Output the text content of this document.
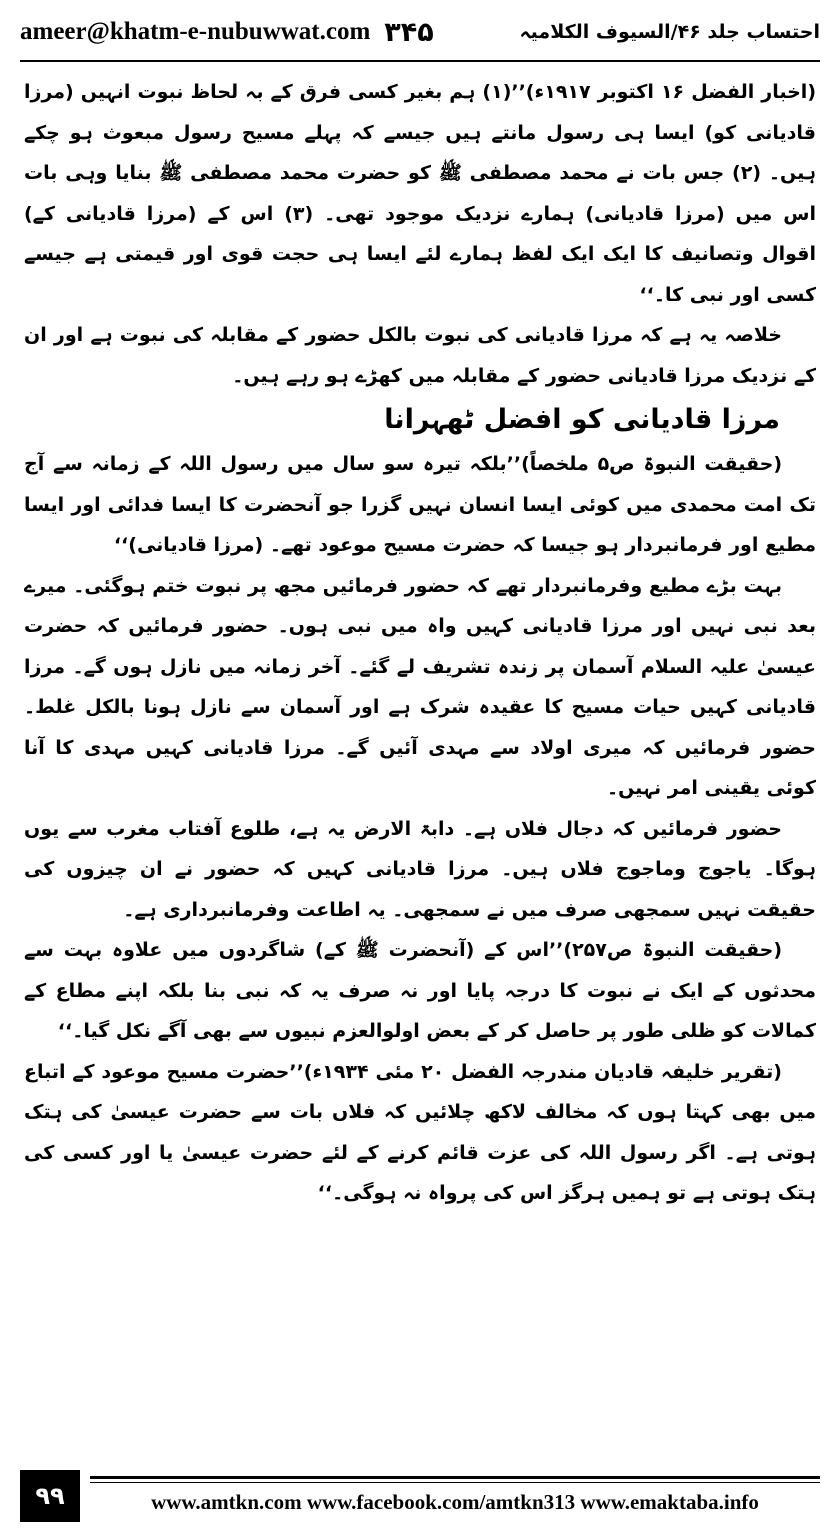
ameer@khatm-e-nubuwwat.com ۳۴۵	احتساب جلد ۴۶/السیوف الکلامیہ

(اخبار الفضل ۱۶ اکتوبر ۱۹۱۷ء)’’(۱) ہم بغیر کسی فرق کے بہ لحاظ نبوت انہیں (مرزا قادیانی کو) ایسا ہی رسول مانتے ہیں جیسے کہ پہلے مسیح رسول مبعوث ہو چکے ہیں۔ (۲) جس بات نے محمد مصطفی ﷺ کو حضرت محمد مصطفی ﷺ بنایا وہی بات اس میں (مرزا قادیانی) ہمارے نزدیک موجود تھی۔ (۳) اس کے (مرزا قادیانی کے) اقوال وتصانیف کا ایک ایک لفظ ہمارے لئے ایسا ہی حجت قوی اور قیمتی ہے جیسے کسی اور نبی کا۔‘‘

خلاصہ یہ ہے کہ مرزا قادیانی کی نبوت بالکل حضور کے مقابلہ کی نبوت ہے اور ان کے نزدیک مرزا قادیانی حضور کے مقابلہ میں کھڑے ہو رہے ہیں۔

مرزا قادیانی کو افضل ٹھہرانا

(حقیقت النبوۃ ص۵ ملخصاً)’’بلکہ تیرہ سو سال میں رسول اللہ کے زمانہ سے آج تک امت محمدی میں کوئی ایسا انسان نہیں گزرا جو آنحضرت کا ایسا فدائی اور ایسا مطیع اور فرمانبردار ہو جیسا کہ حضرت مسیح موعود تھے۔ (مرزا قادیانی)‘‘

بہت بڑے مطیع وفرمانبردار تھے کہ حضور فرمائیں مجھ پر نبوت ختم ہوگئی۔ میرے بعد نبی نہیں اور مرزا قادیانی کہیں واہ میں نبی ہوں۔ حضور فرمائیں کہ حضرت عیسیٰ علیہ السلام آسمان پر زندہ تشریف لے گئے۔ آخر زمانہ میں نازل ہوں گے۔ مرزا قادیانی کہیں حیات مسیح کا عقیدہ شرک ہے اور آسمان سے نازل ہونا بالکل غلط۔ حضور فرمائیں کہ میری اولاد سے مہدی آئیں گے۔ مرزا قادیانی کہیں مہدی کا آنا کوئی یقینی امر نہیں۔

حضور فرمائیں کہ دجال فلاں ہے۔ دابۃ الارض یہ ہے، طلوع آفتاب مغرب سے یوں ہوگا۔ یاجوج وماجوج فلاں ہیں۔ مرزا قادیانی کہیں کہ حضور نے ان چیزوں کی حقیقت نہیں سمجھی صرف میں نے سمجھی۔ یہ اطاعت وفرمانبرداری ہے۔

(حقیقت النبوۃ ص۲۵۷)’’اس کے (آنحضرت ﷺ کے) شاگردوں میں علاوہ بہت سے محدثوں کے ایک نے نبوت کا درجہ پایا اور نہ صرف یہ کہ نبی بنا بلکہ اپنے مطاع کے کمالات کو ظلی طور پر حاصل کر کے بعض اولوالعزم نبیوں سے بھی آگے نکل گیا۔‘‘

(تقریر خلیفہ قادیان مندرجہ الفضل ۲۰ مئی ۱۹۳۴ء)’’حضرت مسیح موعود کے اتباع میں بھی کہتا ہوں کہ مخالف لاکھ چلائیں کہ فلاں بات سے حضرت عیسیٰ کی ہتک ہوتی ہے۔ اگر رسول اللہ کی عزت قائم کرنے کے لئے حضرت عیسیٰ یا اور کسی کی ہتک ہوتی ہے تو ہمیں ہرگز اس کی پرواہ نہ ہوگی۔‘‘

۹۹	www.amtkn.com www.facebook.com/amtkn313 www.emaktaba.info
